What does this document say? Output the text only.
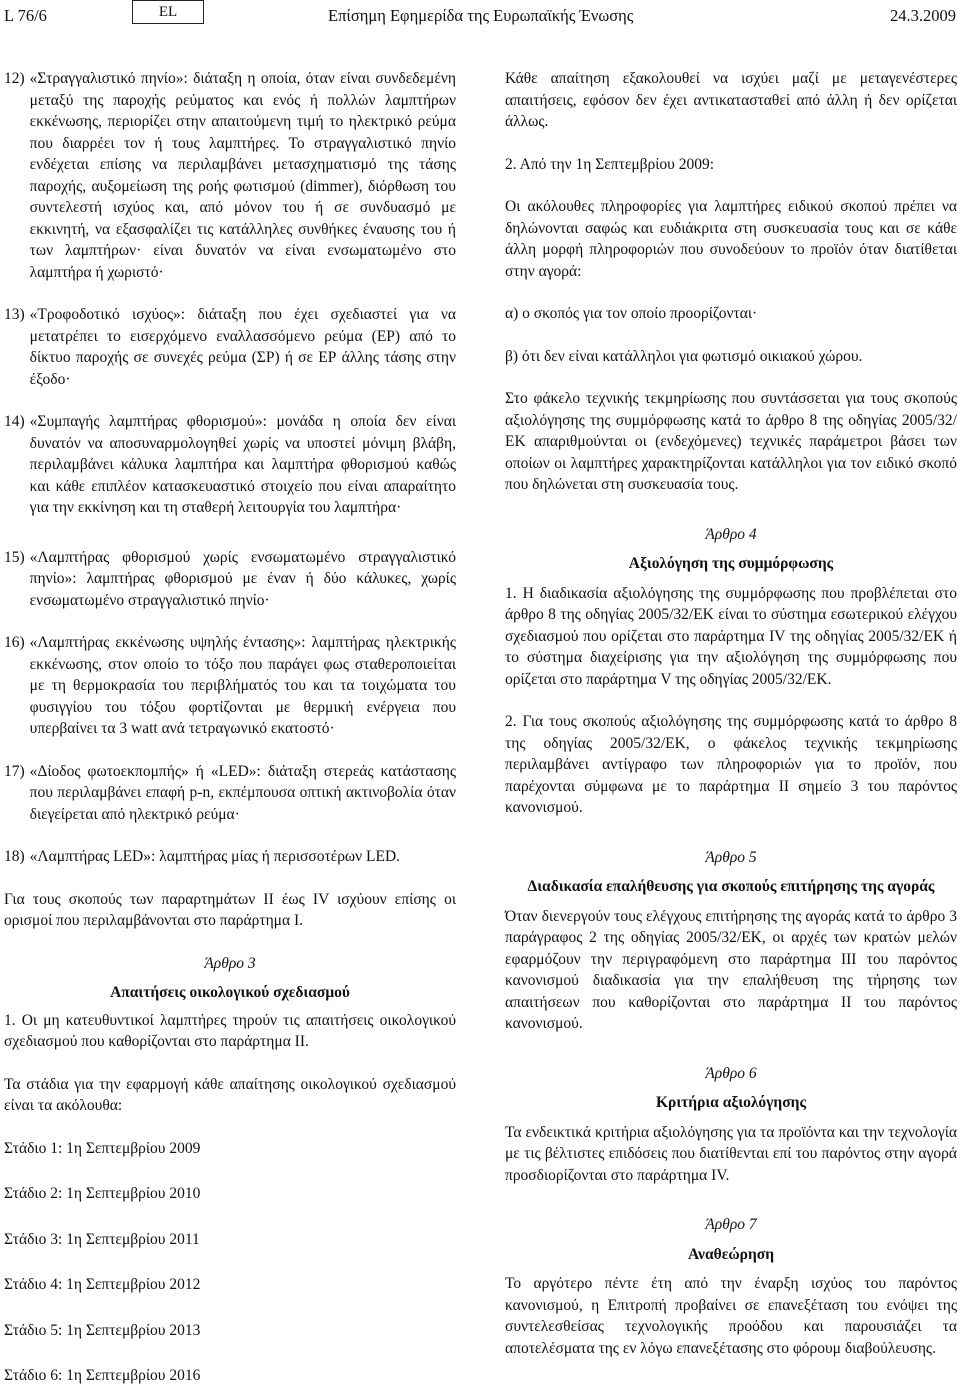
L 76/6	EL	Επίσημη Εφημερίδα της Ευρωπαϊκής Ένωσης	24.3.2009
12) «Στραγγαλιστικό πηνίο»: διάταξη η οποία, όταν είναι συνδεδεμένη μεταξύ της παροχής ρεύματος και ενός ή πολλών λαμπτήρων εκκένωσης, περιορίζει στην απαιτούμενη τιμή το ηλεκτρικό ρεύμα που διαρρέει τον ή τους λαμπτήρες. Το στραγγαλιστικό πηνίο ενδέχεται επίσης να περιλαμβάνει μετασχηματισμό της τάσης παροχής, αυξομείωση της ροής φωτισμού (dimmer), διόρθωση του συντελεστή ισχύος και, από μόνον του ή σε συνδυασμό με εκκινητή, να εξασφαλίζει τις κατάλληλες συνθήκες έναυσης του ή των λαμπτήρων· είναι δυνατόν να είναι ενσωματωμένο στο λαμπτήρα ή χωριστό·
13) «Τροφοδοτικό ισχύος»: διάταξη που έχει σχεδιαστεί για να μετατρέπει το εισερχόμενο εναλλασσόμενο ρεύμα (ΕΡ) από το δίκτυο παροχής σε συνεχές ρεύμα (ΣΡ) ή σε ΕΡ άλλης τάσης στην έξοδο·
14) «Συμπαγής λαμπτήρας φθορισμού»: μονάδα η οποία δεν είναι δυνατόν να αποσυναρμολογηθεί χωρίς να υποστεί μόνιμη βλάβη, περιλαμβάνει κάλυκα λαμπτήρα και λαμπτήρα φθορισμού καθώς και κάθε επιπλέον κατασκευαστικό στοιχείο που είναι απαραίτητο για την εκκίνηση και τη σταθερή λειτουργία του λαμπτήρα·
15) «Λαμπτήρας φθορισμού χωρίς ενσωματωμένο στραγγαλιστικό πηνίο»: λαμπτήρας φθορισμού με έναν ή δύο κάλυκες, χωρίς ενσωματωμένο στραγγαλιστικό πηνίο·
16) «Λαμπτήρας εκκένωσης υψηλής έντασης»: λαμπτήρας ηλεκτρικής εκκένωσης, στον οποίο το τόξο που παράγει φως σταθεροποιείται με τη θερμοκρασία του περιβλήματός του και τα τοιχώματα του φυσιγγίου του τόξου φορτίζονται με θερμική ενέργεια που υπερβαίνει τα 3 watt ανά τετραγωνικό εκατοστό·
17) «Δίοδος φωτοεκπομπής» ή «LED»: διάταξη στερεάς κατάστασης που περιλαμβάνει επαφή p-n, εκπέμπουσα οπτική ακτινοβολία όταν διεγείρεται από ηλεκτρικό ρεύμα·
18) «Λαμπτήρας LED»: λαμπτήρας μίας ή περισσοτέρων LED.

Για τους σκοπούς των παραρτημάτων II έως IV ισχύουν επίσης οι ορισμοί που περιλαμβάνονται στο παράρτημα I.

Άρθρο 3
Απαιτήσεις οικολογικού σχεδιασμού

1. Οι μη κατευθυντικοί λαμπτήρες τηρούν τις απαιτήσεις οικολογικού σχεδιασμού που καθορίζονται στο παράρτημα II.

Τα στάδια για την εφαρμογή κάθε απαίτησης οικολογικού σχεδιασμού είναι τα ακόλουθα:

Στάδιο 1: 1η Σεπτεμβρίου 2009

Στάδιο 2: 1η Σεπτεμβρίου 2010

Στάδιο 3: 1η Σεπτεμβρίου 2011

Στάδιο 4: 1η Σεπτεμβρίου 2012

Στάδιο 5: 1η Σεπτεμβρίου 2013

Στάδιο 6: 1η Σεπτεμβρίου 2016

Κάθε απαίτηση εξακολουθεί να ισχύει μαζί με μεταγενέστερες απαιτήσεις, εφόσον δεν έχει αντικατασταθεί από άλλη ή δεν ορίζεται άλλως.

2. Από την 1η Σεπτεμβρίου 2009:

Οι ακόλουθες πληροφορίες για λαμπτήρες ειδικού σκοπού πρέπει να δηλώνονται σαφώς και ευδιάκριτα στη συσκευασία τους και σε κάθε άλλη μορφή πληροφοριών που συνοδεύουν το προϊόν όταν διατίθεται στην αγορά:

α) ο σκοπός για τον οποίο προορίζονται·

β) ότι δεν είναι κατάλληλοι για φωτισμό οικιακού χώρου.

Στο φάκελο τεχνικής τεκμηρίωσης που συντάσσεται για τους σκοπούς αξιολόγησης της συμμόρφωσης κατά το άρθρο 8 της οδηγίας 2005/32/ΕΚ απαριθμούνται οι (ενδεχόμενες) τεχνικές παράμετροι βάσει των οποίων οι λαμπτήρες χαρακτηρίζονται κατάλληλοι για τον ειδικό σκοπό που δηλώνεται στη συσκευασία τους.

Άρθρο 4
Αξιολόγηση της συμμόρφωσης

1. Η διαδικασία αξιολόγησης της συμμόρφωσης που προβλέπεται στο άρθρο 8 της οδηγίας 2005/32/ΕΚ είναι το σύστημα εσωτερικού ελέγχου σχεδιασμού που ορίζεται στο παράρτημα IV της οδηγίας 2005/32/ΕΚ ή το σύστημα διαχείρισης για την αξιολόγηση της συμμόρφωσης που ορίζεται στο παράρτημα V της οδηγίας 2005/32/ΕΚ.

2. Για τους σκοπούς αξιολόγησης της συμμόρφωσης κατά το άρθρο 8 της οδηγίας 2005/32/ΕΚ, ο φάκελος τεχνικής τεκμηρίωσης περιλαμβάνει αντίγραφο των πληροφοριών για το προϊόν, που παρέχονται σύμφωνα με το παράρτημα II σημείο 3 του παρόντος κανονισμού.

Άρθρο 5
Διαδικασία επαλήθευσης για σκοπούς επιτήρησης της αγοράς

Όταν διενεργούν τους ελέγχους επιτήρησης της αγοράς κατά το άρθρο 3 παράγραφος 2 της οδηγίας 2005/32/ΕΚ, οι αρχές των κρατών μελών εφαρμόζουν την περιγραφόμενη στο παράρτημα III του παρόντος κανονισμού διαδικασία για την επαλήθευση της τήρησης των απαιτήσεων που καθορίζονται στο παράρτημα II του παρόντος κανονισμού.

Άρθρο 6
Κριτήρια αξιολόγησης

Τα ενδεικτικά κριτήρια αξιολόγησης για τα προϊόντα και την τεχνολογία με τις βέλτιστες επιδόσεις που διατίθενται επί του παρόντος στην αγορά προσδιορίζονται στο παράρτημα IV.

Άρθρο 7
Αναθεώρηση

Το αργότερο πέντε έτη από την έναρξη ισχύος του παρόντος κανονισμού, η Επιτροπή προβαίνει σε επανεξέταση του ενόψει της συντελεσθείσας τεχνολογικής προόδου και παρουσιάζει τα αποτελέσματα της εν λόγω επανεξέτασης στο φόρουμ διαβούλευσης.
